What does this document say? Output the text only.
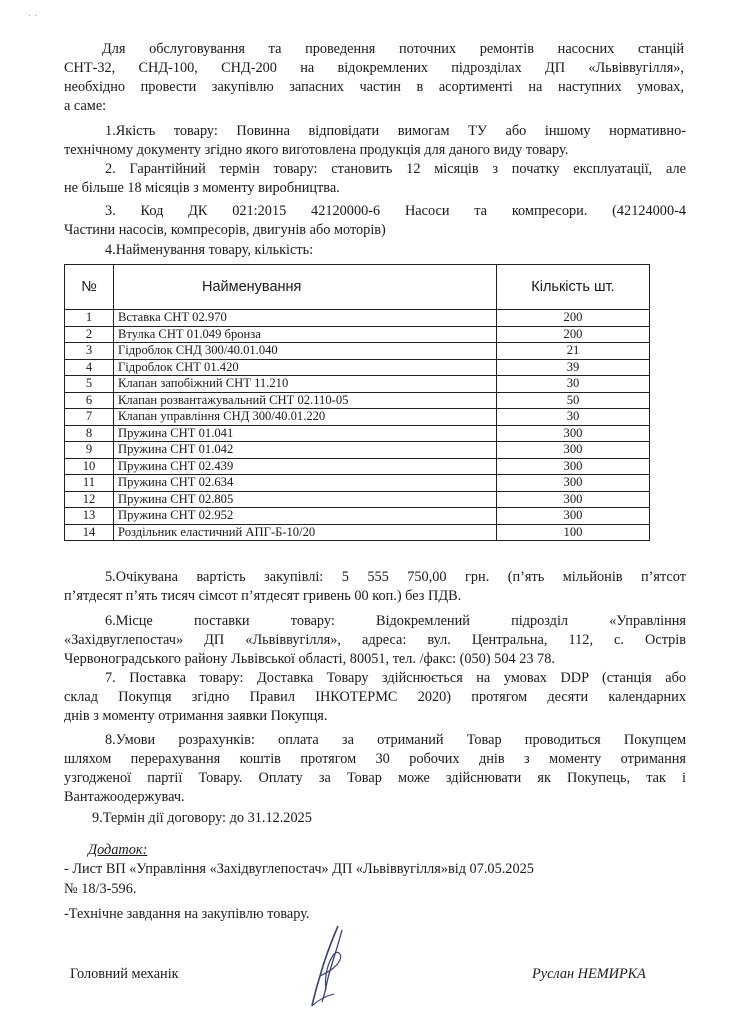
· ·
Для обслуговування та проведення поточних ремонтів насосних станцій
СНТ-32, СНД-100, СНД-200 на відокремлених підрозділах ДП «Львіввугілля»,
необхідно провести закупівлю запасних частин в асортименті на наступних умовах,
а саме:
1.Якість товару: Повинна відповідати вимогам ТУ або іншому нормативно-
технічному документу згідно якого виготовлена продукція для даного виду товару.
2. Гарантійний термін товару: становить 12 місяців з початку експлуатації, але
не більше 18 місяців з моменту виробництва.
3. Код ДК 021:2015 42120000-6 Насоси та компресори. (42124000-4
Частини насосів, компресорів, двигунів або моторів)
4.Найменування товару, кількість:
№	Найменування	Кількість шт.
1	Вставка СНТ 02.970	200
2	Втулка СНТ 01.049 бронза	200
3	Гідроблок СНД 300/40.01.040	21
4	Гідроблок СНТ 01.420	39
5	Клапан запобіжний СНТ 11.210	30
6	Клапан розвантажувальний СНТ 02.110-05	50
7	Клапан управління СНД 300/40.01.220	30
8	Пружина СНТ 01.041	300
9	Пружина СНТ 01.042	300
10	Пружина СНТ 02.439	300
11	Пружина СНТ 02.634	300
12	Пружина СНТ 02.805	300
13	Пружина СНТ 02.952	300
14	Роздільник еластичний АПГ-Б-10/20	100
5.Очікувана вартість закупівлі: 5 555 750,00 грн. (п’ять мільйонів п’ятсот
п’ятдесят п’ять тисяч сімсот п’ятдесят гривень 00 коп.) без ПДВ.
6.Місце поставки товару: Відокремлений підрозділ «Управління
«Західвуглепостач» ДП «Львіввугілля», адреса: вул. Центральна, 112, с. Острів
Червоноградського району Львівської області, 80051, тел. /факс: (050) 504 23 78.
7. Поставка товару: Доставка Товару здійснюється на умовах DDP (станція або
склад Покупця згідно Правил ІНКОТЕРМС 2020) протягом десяти календарних
днів з моменту отримання заявки Покупця.
8.Умови розрахунків: оплата за отриманий Товар проводиться Покупцем
шляхом перерахування коштів протягом 30 робочих днів з моменту отримання
узгодженої партії Товару. Оплату за Товар може здійснювати як Покупець, так і
Вантажоодержувач.
9.Термін дії договору: до 31.12.2025
Додаток:
- Лист ВП «Управління «Західвуглепостач» ДП «Львіввугілля»від 07.05.2025
№ 18/3-596.
-Технічне завдання на закупівлю товару.
Головний механік	Руслан НЕМИРКА
